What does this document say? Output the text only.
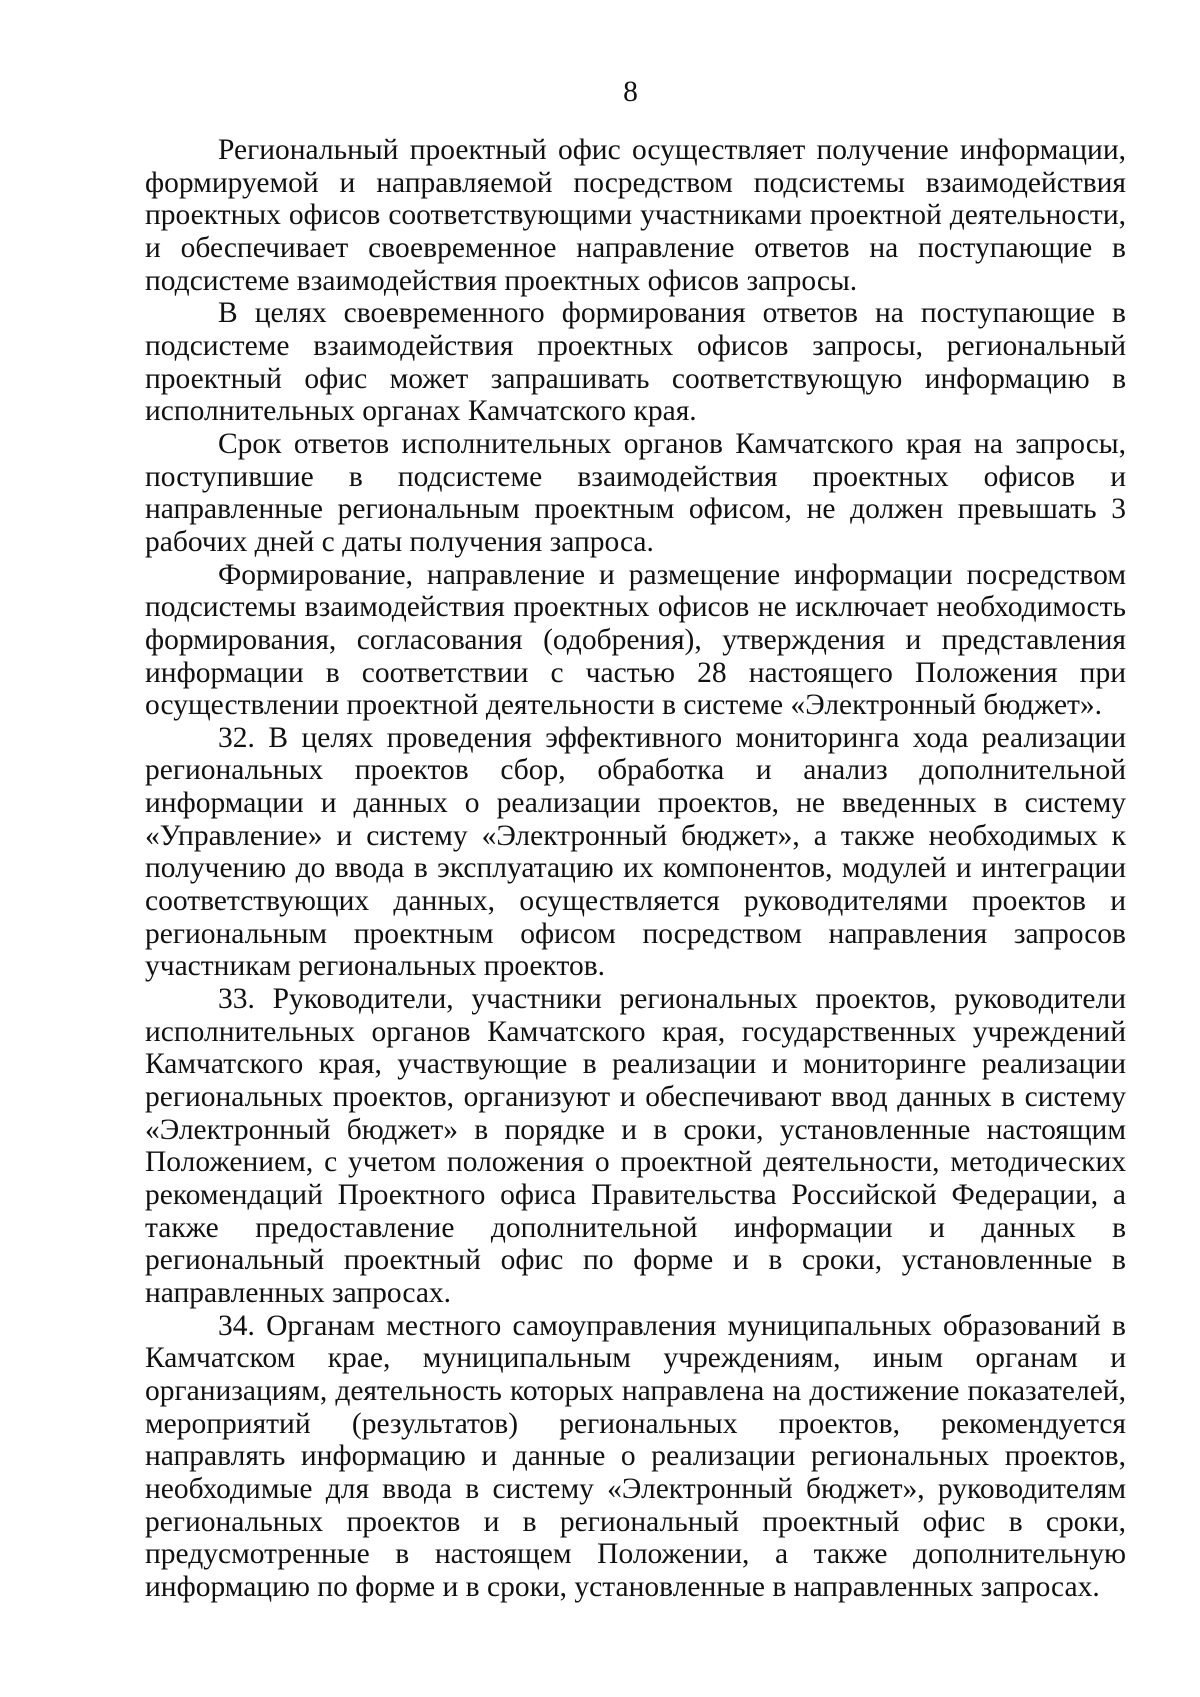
8

Региональный проектный офис осуществляет получение информации, формируемой и направляемой посредством подсистемы взаимодействия проектных офисов соответствующими участниками проектной деятельности, и обеспечивает своевременное направление ответов на поступающие в подсистеме взаимодействия проектных офисов запросы.

В целях своевременного формирования ответов на поступающие в подсистеме взаимодействия проектных офисов запросы, региональный проектный офис может запрашивать соответствующую информацию в исполнительных органах Камчатского края.

Срок ответов исполнительных органов Камчатского края на запросы, поступившие в подсистеме взаимодействия проектных офисов и направленные региональным проектным офисом, не должен превышать 3 рабочих дней с даты получения запроса.

Формирование, направление и размещение информации посредством подсистемы взаимодействия проектных офисов не исключает необходимость формирования, согласования (одобрения), утверждения и представления информации в соответствии с частью 28 настоящего Положения при осуществлении проектной деятельности в системе «Электронный бюджет».

32. В целях проведения эффективного мониторинга хода реализации региональных проектов сбор, обработка и анализ дополнительной информации и данных о реализации проектов, не введенных в систему «Управление» и систему «Электронный бюджет», а также необходимых к получению до ввода в эксплуатацию их компонентов, модулей и интеграции соответствующих данных, осуществляется руководителями проектов и региональным проектным офисом посредством направления запросов участникам региональных проектов.

33. Руководители, участники региональных проектов, руководители исполнительных органов Камчатского края, государственных учреждений Камчатского края, участвующие в реализации и мониторинге реализации региональных проектов, организуют и обеспечивают ввод данных в систему «Электронный бюджет» в порядке и в сроки, установленные настоящим Положением, с учетом положения о проектной деятельности, методических рекомендаций Проектного офиса Правительства Российской Федерации, а также предоставление дополнительной информации и данных в региональный проектный офис по форме и в сроки, установленные в направленных запросах.

34. Органам местного самоуправления муниципальных образований в Камчатском крае, муниципальным учреждениям, иным органам и организациям, деятельность которых направлена на достижение показателей, мероприятий (результатов) региональных проектов, рекомендуется направлять информацию и данные о реализации региональных проектов, необходимые для ввода в систему «Электронный бюджет», руководителям региональных проектов и в региональный проектный офис в сроки, предусмотренные в настоящем Положении, а также дополнительную информацию по форме и в сроки, установленные в направленных запросах.
